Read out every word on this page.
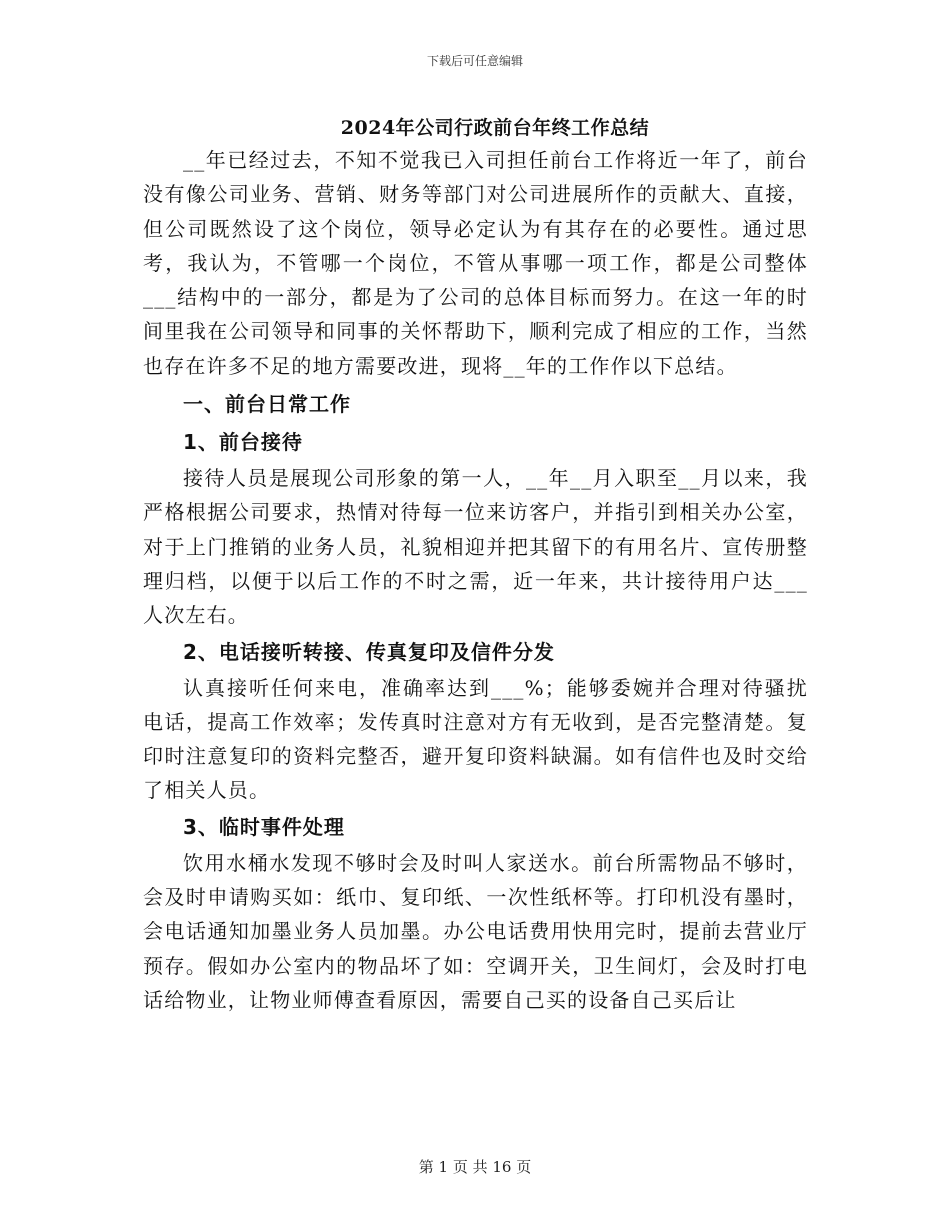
下载后可任意编辑
2024年公司行政前台年终工作总结

__年已经过去，不知不觉我已入司担任前台工作将近一年了，前台没有像公司业务、营销、财务等部门对公司进展所作的贡献大、直接，但公司既然设了这个岗位，领导必定认为有其存在的必要性。通过思考，我认为，不管哪一个岗位，不管从事哪一项工作，都是公司整体___结构中的一部分，都是为了公司的总体目标而努力。在这一年的时间里我在公司领导和同事的关怀帮助下，顺利完成了相应的工作，当然也存在许多不足的地方需要改进，现将__年的工作作以下总结。

一、前台日常工作

1、前台接待

接待人员是展现公司形象的第一人，__年__月入职至__月以来，我严格根据公司要求，热情对待每一位来访客户，并指引到相关办公室，对于上门推销的业务人员，礼貌相迎并把其留下的有用名片、宣传册整理归档，以便于以后工作的不时之需，近一年来，共计接待用户达___人次左右。

2、电话接听转接、传真复印及信件分发

认真接听任何来电，准确率达到___%；能够委婉并合理对待骚扰电话，提高工作效率；发传真时注意对方有无收到，是否完整清楚。复印时注意复印的资料完整否，避开复印资料缺漏。如有信件也及时交给了相关人员。

3、临时事件处理

饮用水桶水发现不够时会及时叫人家送水。前台所需物品不够时，会及时申请购买如：纸巾、复印纸、一次性纸杯等。打印机没有墨时，会电话通知加墨业务人员加墨。办公电话费用快用完时，提前去营业厅预存。假如办公室内的物品坏了如：空调开关，卫生间灯，会及时打电话给物业，让物业师傅查看原因，需要自己买的设备自己买后让

第 1 页 共 16 页
